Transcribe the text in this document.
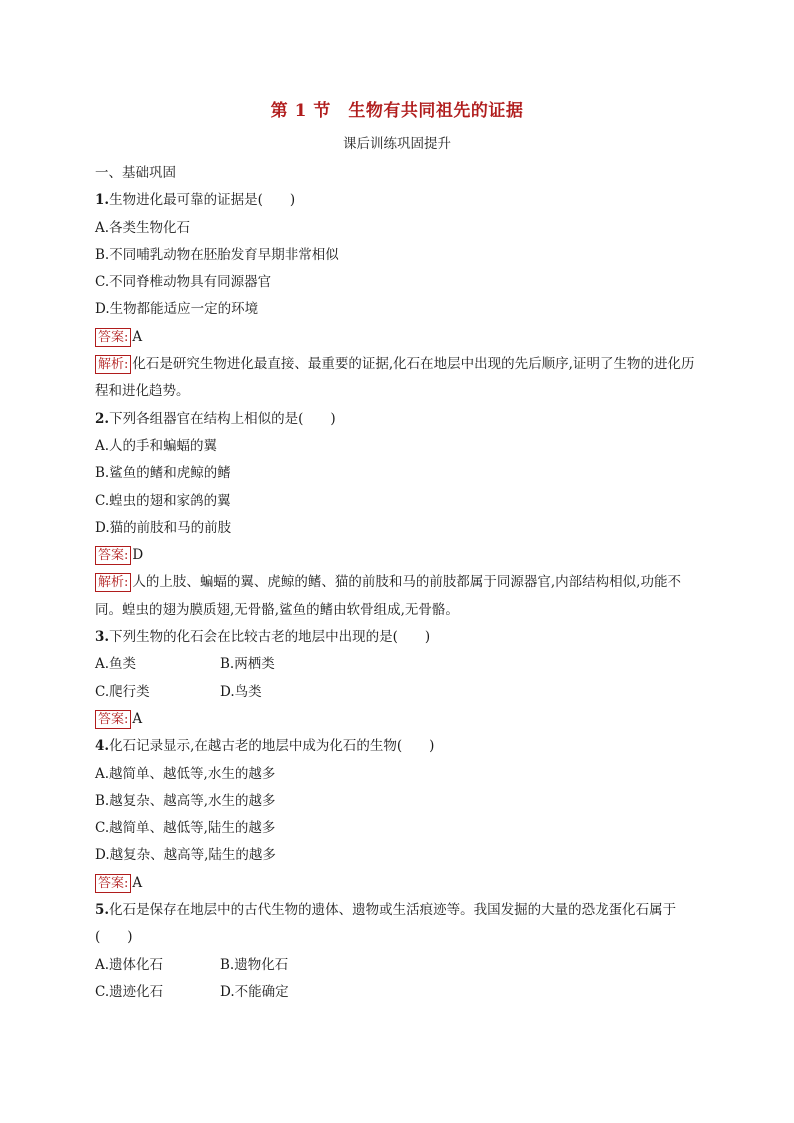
第 1 节　生物有共同祖先的证据
课后训练巩固提升
一、基础巩固
1.生物进化最可靠的证据是(　　)
A.各类生物化石
B.不同哺乳动物在胚胎发育早期非常相似
C.不同脊椎动物具有同源器官
D.生物都能适应一定的环境
答案: A
解析: 化石是研究生物进化最直接、最重要的证据,化石在地层中出现的先后顺序,证明了生物的进化历程和进化趋势。
2.下列各组器官在结构上相似的是(　　)
A.人的手和蝙蝠的翼
B.鲨鱼的鳍和虎鲸的鳍
C.蝗虫的翅和家鸽的翼
D.猫的前肢和马的前肢
答案: D
解析: 人的上肢、蝙蝠的翼、虎鲸的鳍、猫的前肢和马的前肢都属于同源器官,内部结构相似,功能不同。蝗虫的翅为膜质翅,无骨骼,鲨鱼的鳍由软骨组成,无骨骼。
3.下列生物的化石会在比较古老的地层中出现的是(　　)
A.鱼类	B.两栖类
C.爬行类	D.鸟类
答案: A
4.化石记录显示,在越古老的地层中成为化石的生物(　　)
A.越简单、越低等,水生的越多
B.越复杂、越高等,水生的越多
C.越简单、越低等,陆生的越多
D.越复杂、越高等,陆生的越多
答案: A
5.化石是保存在地层中的古代生物的遗体、遗物或生活痕迹等。我国发掘的大量的恐龙蛋化石属于(　　)
A.遗体化石	B.遗物化石
C.遗迹化石	D.不能确定
